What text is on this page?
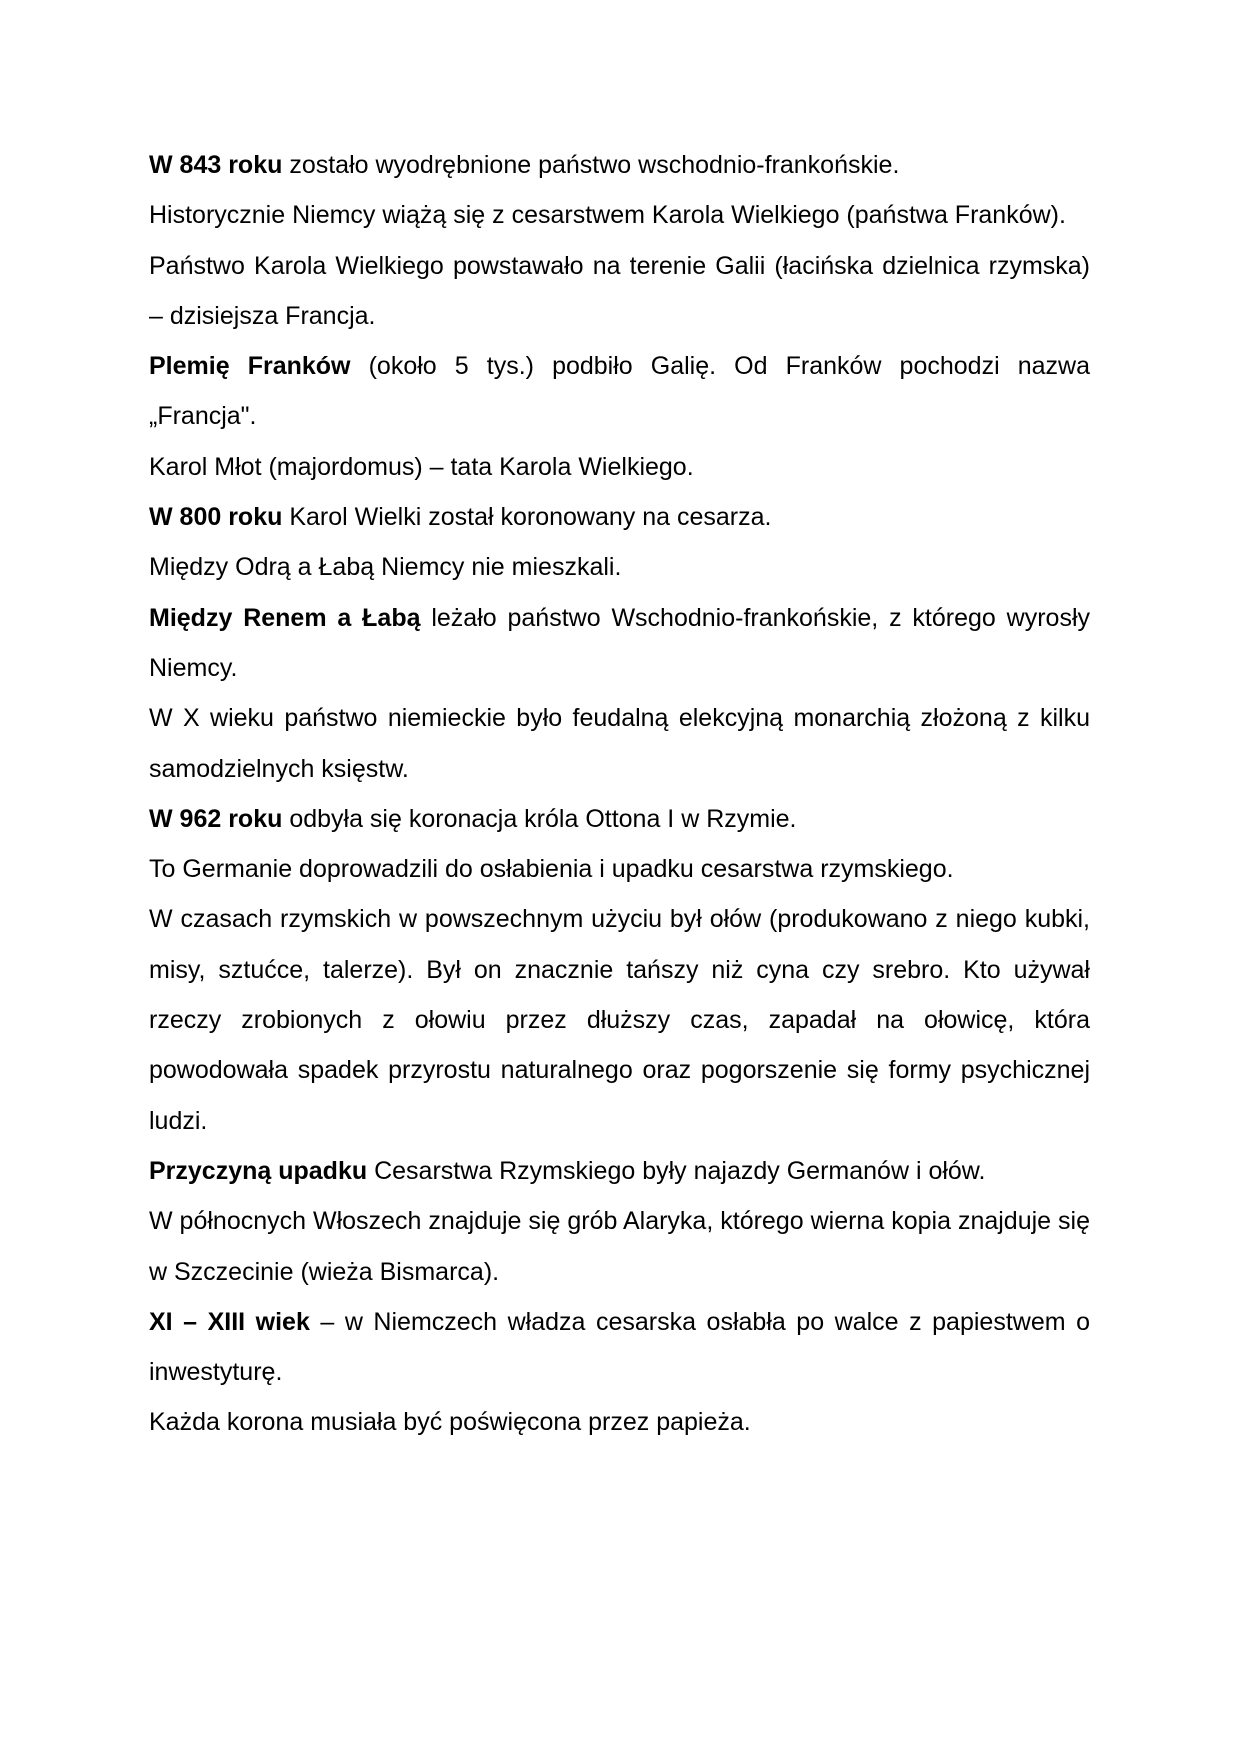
W 843 roku zostało wyodrębnione państwo wschodnio-frankońskie.

Historycznie Niemcy wiążą się z cesarstwem Karola Wielkiego (państwa Franków).

Państwo Karola Wielkiego powstawało na terenie Galii (łacińska dzielnica rzymska) – dzisiejsza Francja.

Plemię Franków (około 5 tys.) podbiło Galię. Od Franków pochodzi nazwa „Francja".

Karol Młot (majordomus) – tata Karola Wielkiego.

W 800 roku Karol Wielki został koronowany na cesarza.

Między Odrą a Łabą Niemcy nie mieszkali.

Między Renem a Łabą leżało państwo Wschodnio-frankońskie, z którego wyrosły Niemcy.

W X wieku państwo niemieckie było feudalną elekcyjną monarchią złożoną z kilku samodzielnych księstw.

W 962 roku odbyła się koronacja króla Ottona I w Rzymie.

To Germanie doprowadzili do osłabienia i upadku cesarstwa rzymskiego.

W czasach rzymskich w powszechnym użyciu był ołów (produkowano z niego kubki, misy, sztućce, talerze). Był on znacznie tańszy niż cyna czy srebro. Kto używał rzeczy zrobionych z ołowiu przez dłuższy czas, zapadał na ołowicę, która powodowała spadek przyrostu naturalnego oraz pogorszenie się formy psychicznej ludzi.

Przyczyną upadku Cesarstwa Rzymskiego były najazdy Germanów i ołów.

W północnych Włoszech znajduje się grób Alaryka, którego wierna kopia znajduje się w Szczecinie (wieża Bismarca).

XI – XIII wiek – w Niemczech władza cesarska osłabła po walce z papiestwem o inwestyturę.

Każda korona musiała być poświęcona przez papieża.
